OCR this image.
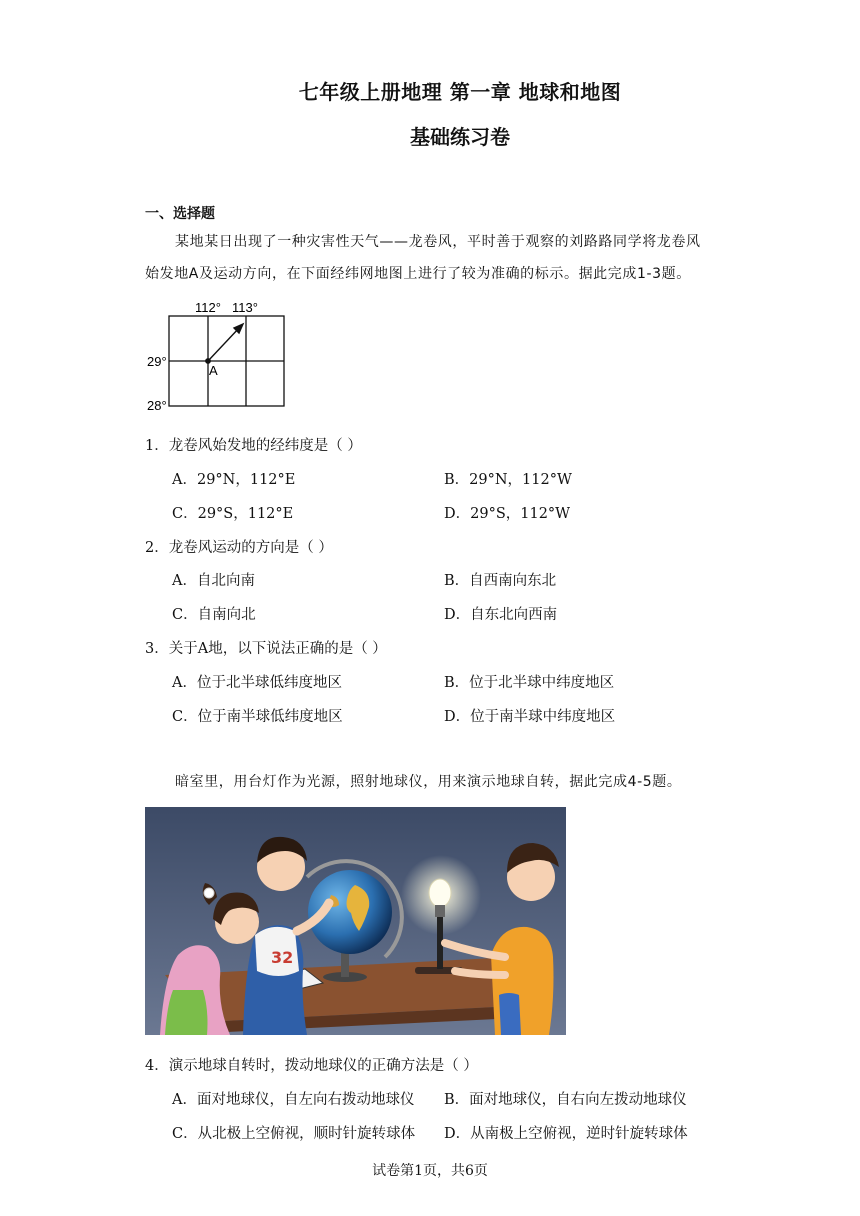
七年级上册地理 第一章 地球和地图
基础练习卷
一、选择题
某地某日出现了一种灾害性天气——龙卷风，平时善于观察的刘路路同学将龙卷风
始发地A及运动方向，在下面经纬网地图上进行了较为准确的标示。据此完成1-3题。
112° 113°
29°
28°
A
1．龙卷风始发地的经纬度是（ ）
A．29°N，112°E	B．29°N，112°W
C．29°S，112°E	D．29°S，112°W
2．龙卷风运动的方向是（ ）
A．自北向南	B．自西南向东北
C．自南向北	D．自东北向西南
3．关于A地，以下说法正确的是（ ）
A．位于北半球低纬度地区	B．位于北半球中纬度地区
C．位于南半球低纬度地区	D．位于南半球中纬度地区
暗室里，用台灯作为光源，照射地球仪，用来演示地球自转，据此完成4-5题。
32
4．演示地球自转时，拨动地球仪的正确方法是（ ）
A．面对地球仪，自左向右拨动地球仪 B．面对地球仪，自右向左拨动地球仪
C．从北极上空俯视，顺时针旋转球体 D．从南极上空俯视，逆时针旋转球体
试卷第1页，共6页
